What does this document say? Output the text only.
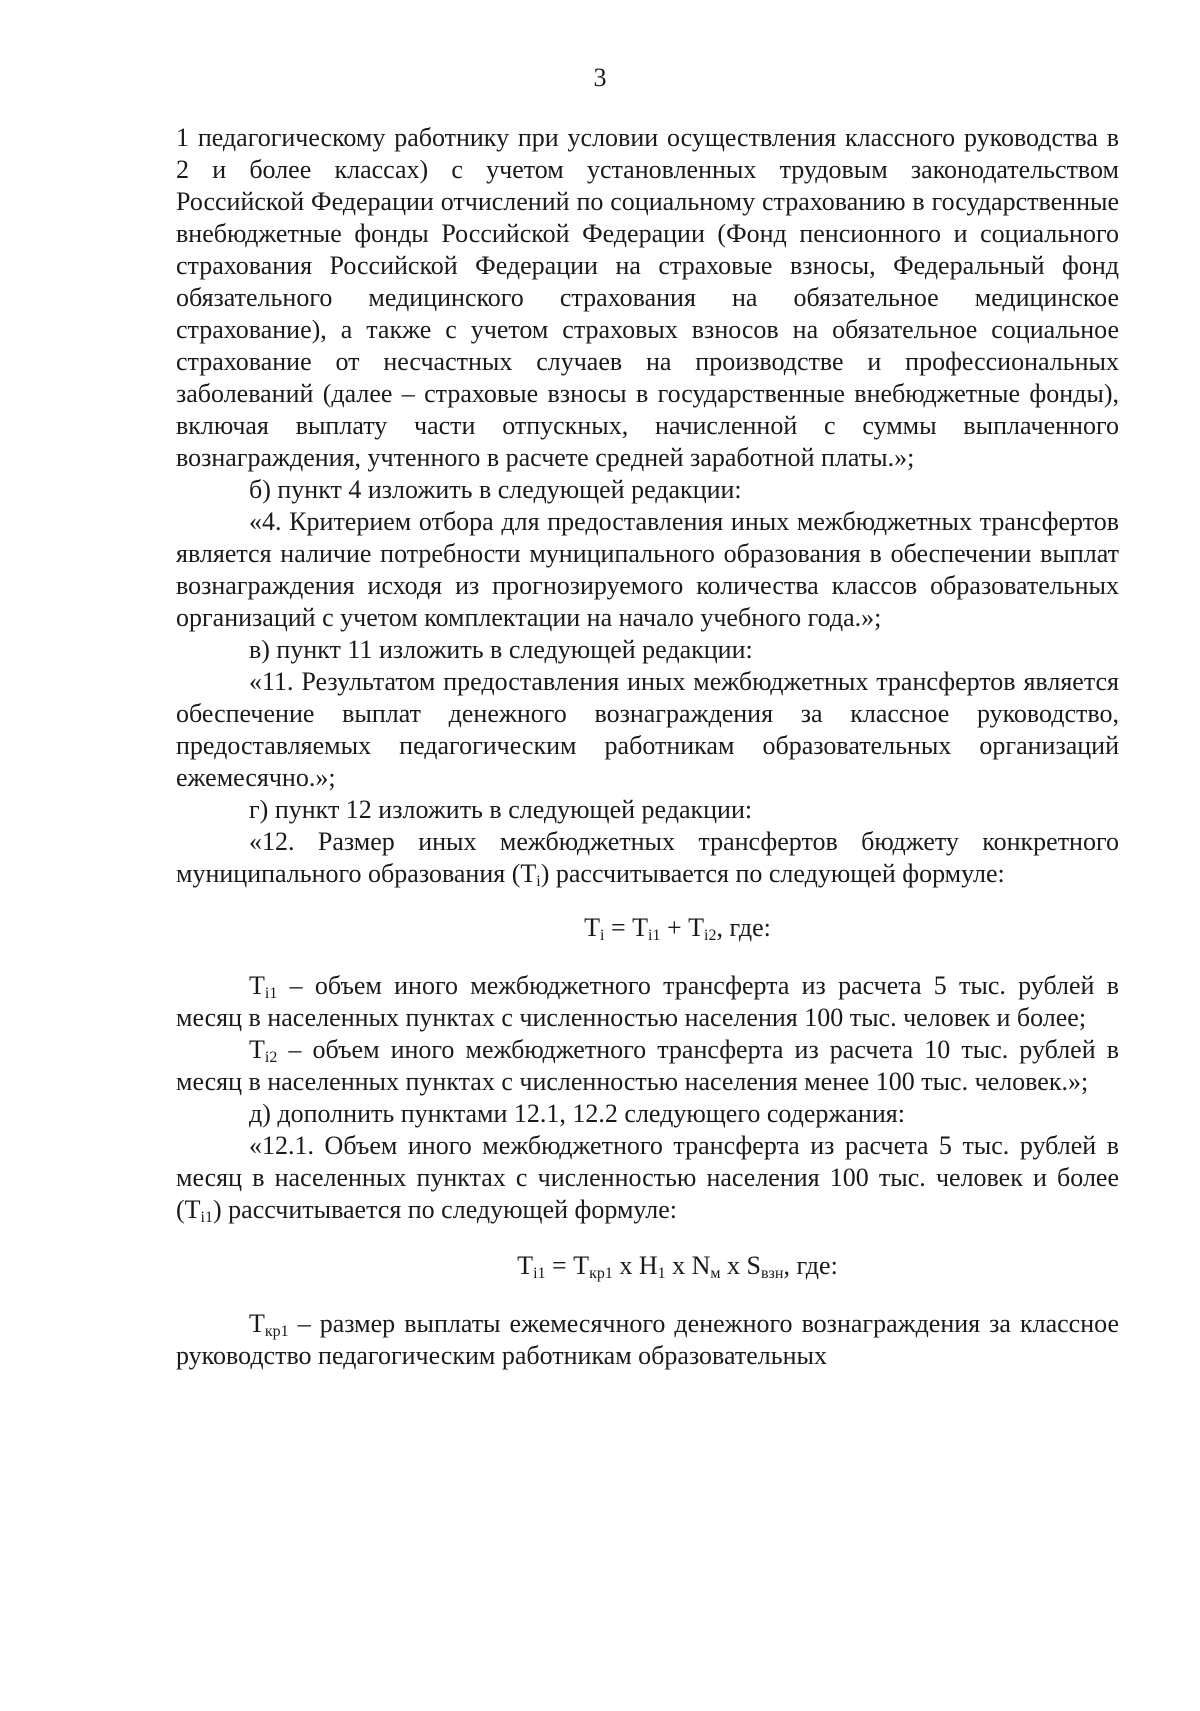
3

1 педагогическому работнику при условии осуществления классного руководства в 2 и более классах) с учетом установленных трудовым законодательством Российской Федерации отчислений по социальному страхованию в государственные внебюджетные фонды Российской Федерации (Фонд пенсионного и социального страхования Российской Федерации на страховые взносы, Федеральный фонд обязательного медицинского страхования на обязательное медицинское страхование), а также с учетом страховых взносов на обязательное социальное страхование от несчастных случаев на производстве и профессиональных заболеваний (далее – страховые взносы в государственные внебюджетные фонды), включая выплату части отпускных, начисленной с суммы выплаченного вознаграждения, учтенного в расчете средней заработной платы.»;

б) пункт 4 изложить в следующей редакции:

«4. Критерием отбора для предоставления иных межбюджетных трансфертов является наличие потребности муниципального образования в обеспечении выплат вознаграждения исходя из прогнозируемого количества классов образовательных организаций с учетом комплектации на начало учебного года.»;

в) пункт 11 изложить в следующей редакции:

«11. Результатом предоставления иных межбюджетных трансфертов является обеспечение выплат денежного вознаграждения за классное руководство, предоставляемых педагогическим работникам образовательных организаций ежемесячно.»;

г) пункт 12 изложить в следующей редакции:

«12. Размер иных межбюджетных трансфертов бюджету конкретного муниципального образования $(Т_i)$ рассчитывается по следующей формуле:

$Т_i = Т_{i1} + Т_{i2}$, где:

$Т_{i1}$ – объем иного межбюджетного трансферта из расчета 5 тыс. рублей в месяц в населенных пунктах с численностью населения 100 тыс. человек и более;

$Т_{i2}$ – объем иного межбюджетного трансферта из расчета 10 тыс. рублей в месяц в населенных пунктах с численностью населения менее 100 тыс. человек.»;

д) дополнить пунктами 12.1, 12.2 следующего содержания:

«12.1. Объем иного межбюджетного трансферта из расчета 5 тыс. рублей в месяц в населенных пунктах с численностью населения 100 тыс. человек и более $(Т_{i1})$ рассчитывается по следующей формуле:

$Т_{i1} = Т_{кр1}$ x $Н_1$ x $N_м$ x $S_{взн}$, где:

$Т_{кр1}$ – размер выплаты ежемесячного денежного вознаграждения за классное руководство педагогическим работникам образовательных
